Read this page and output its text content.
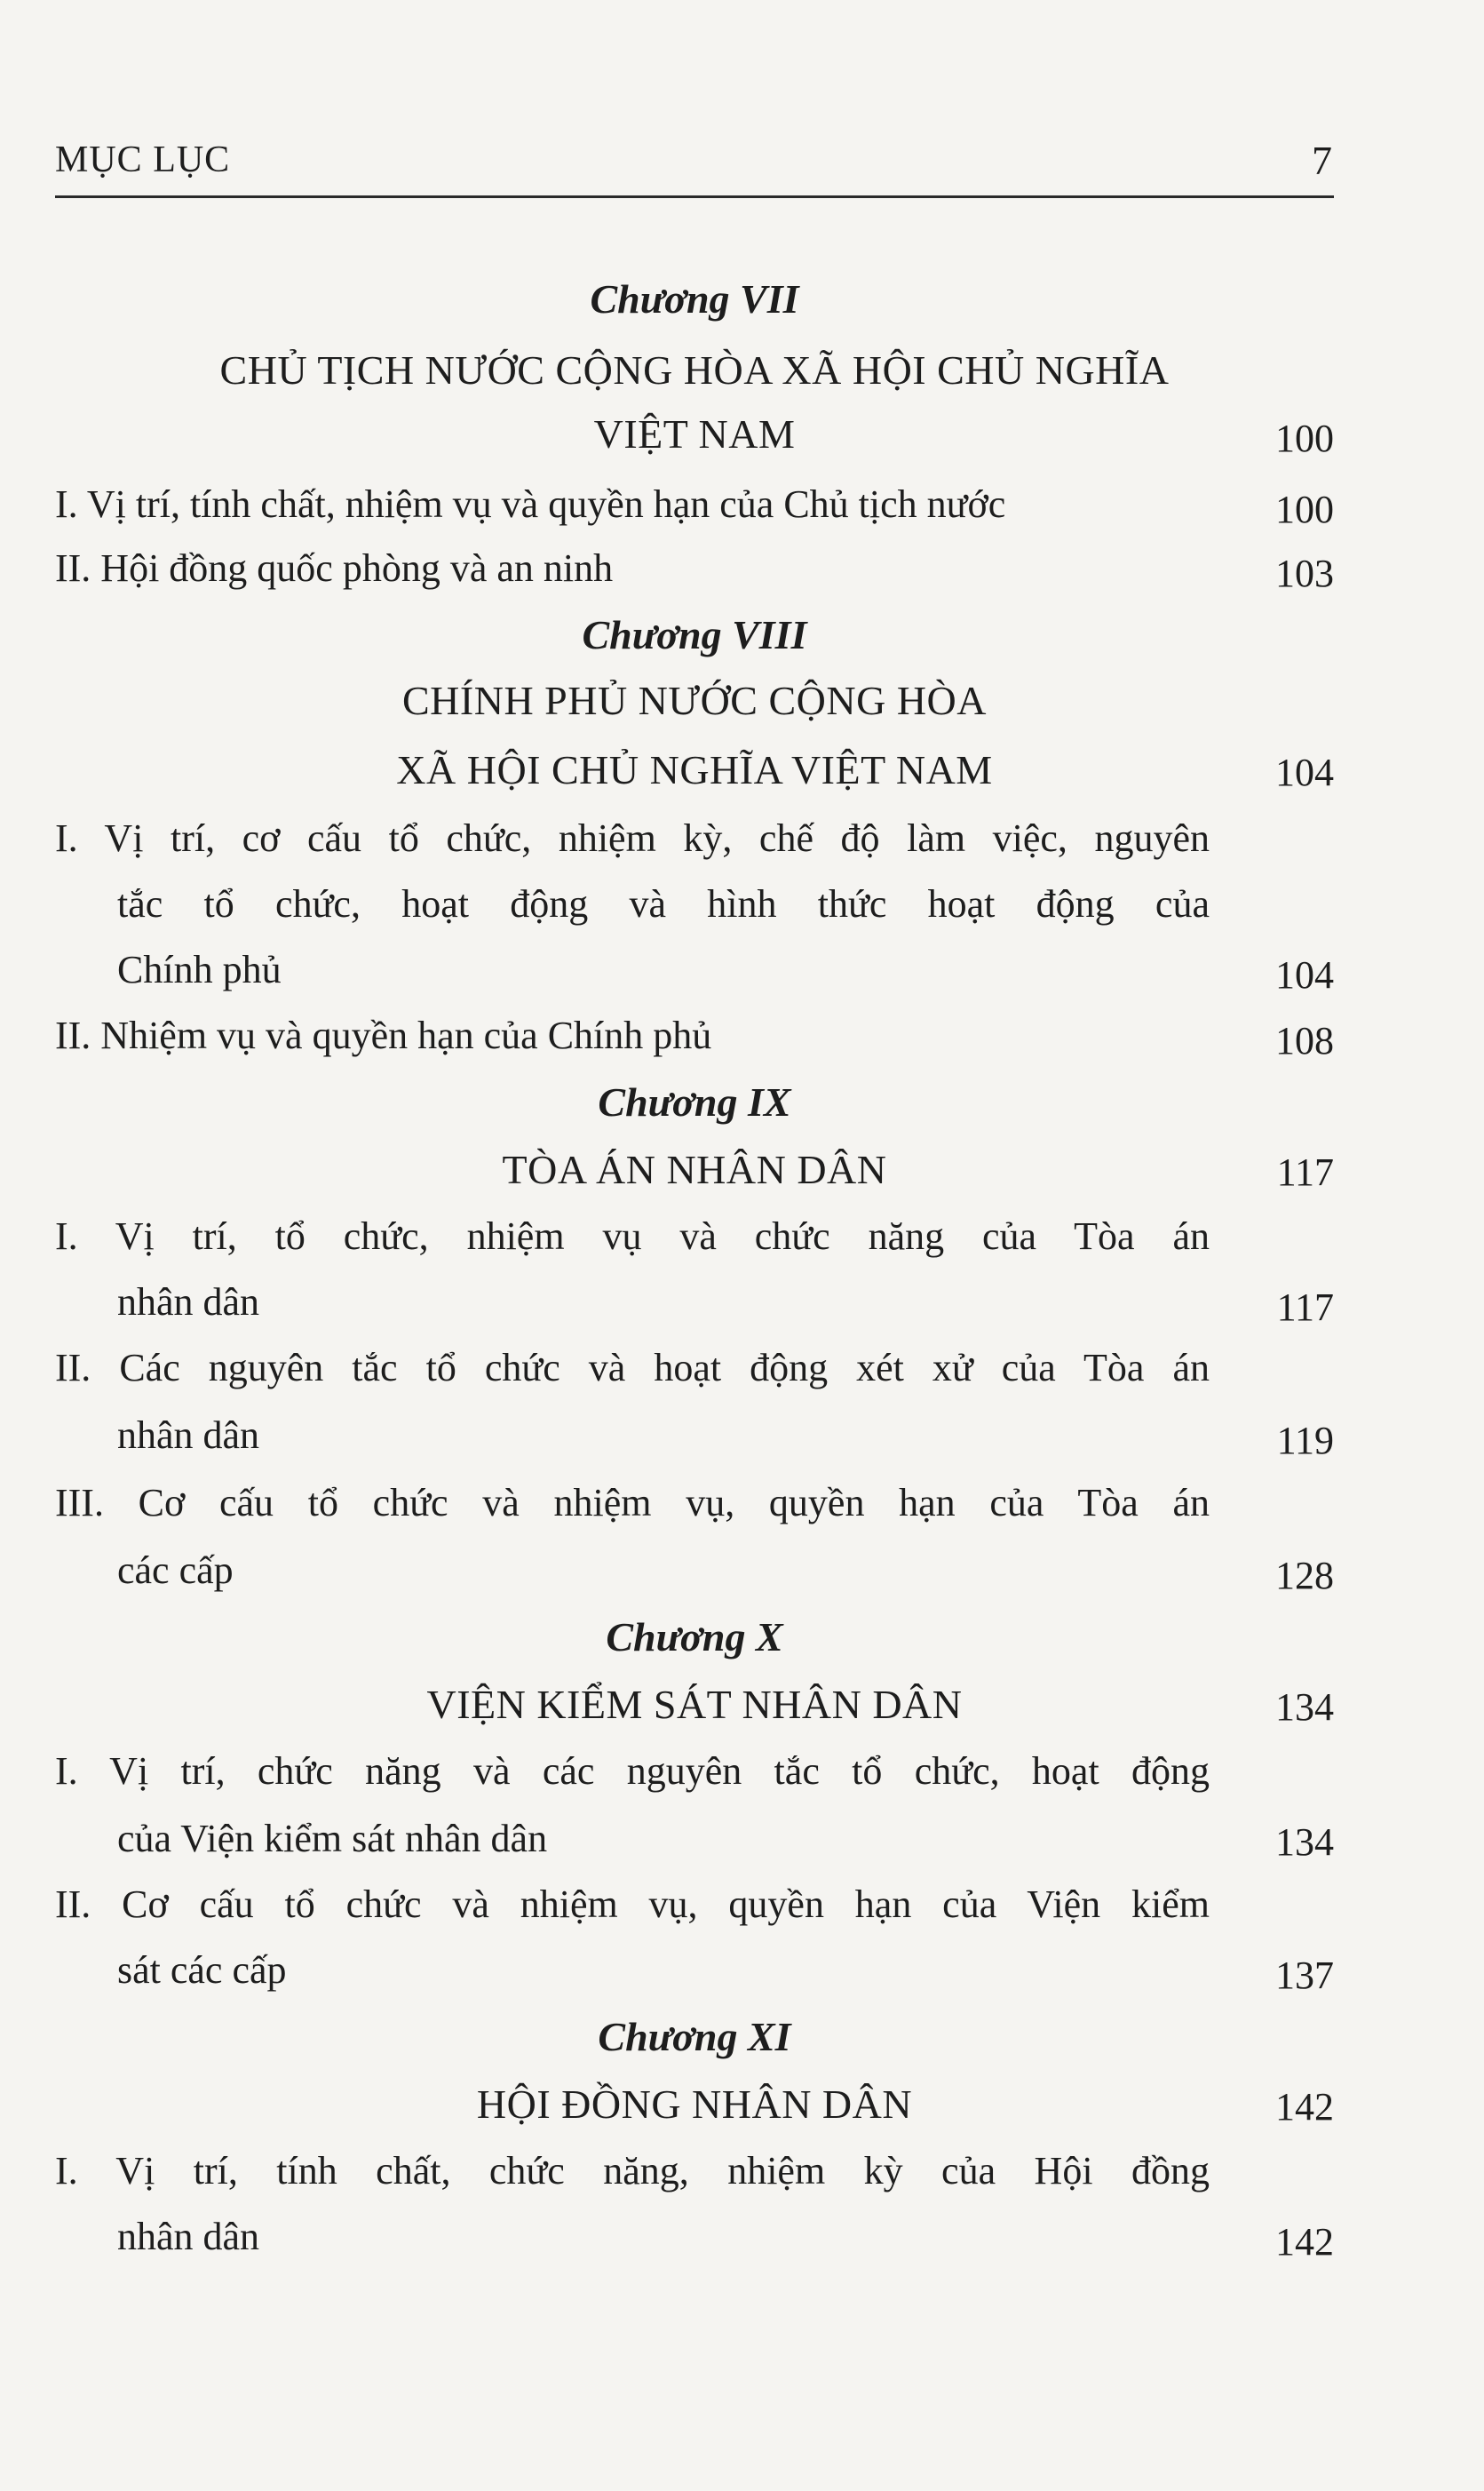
MỤC LỤC	7
Chương VII
CHỦ TỊCH NƯỚC CỘNG HÒA XÃ HỘI CHỦ NGHĨA
VIỆT NAM	100
I. Vị trí, tính chất, nhiệm vụ và quyền hạn của Chủ tịch nước	100
II. Hội đồng quốc phòng và an ninh	103
Chương VIII
CHÍNH PHỦ NƯỚC CỘNG HÒA
XÃ HỘI CHỦ NGHĨA VIỆT NAM	104
I. Vị trí, cơ cấu tổ chức, nhiệm kỳ, chế độ làm việc, nguyên
tắc tổ chức, hoạt động và hình thức hoạt động của
Chính phủ	104
II. Nhiệm vụ và quyền hạn của Chính phủ	108
Chương IX
TÒA ÁN NHÂN DÂN	117
I. Vị trí, tổ chức, nhiệm vụ và chức năng của Tòa án
nhân dân	117
II. Các nguyên tắc tổ chức và hoạt động xét xử của Tòa án
nhân dân	119
III. Cơ cấu tổ chức và nhiệm vụ, quyền hạn của Tòa án
các cấp	128
Chương X
VIỆN KIỂM SÁT NHÂN DÂN	134
I. Vị trí, chức năng và các nguyên tắc tổ chức, hoạt động
của Viện kiểm sát nhân dân	134
II. Cơ cấu tổ chức và nhiệm vụ, quyền hạn của Viện kiểm
sát các cấp	137
Chương XI
HỘI ĐỒNG NHÂN DÂN	142
I. Vị trí, tính chất, chức năng, nhiệm kỳ của Hội đồng
nhân dân	142
